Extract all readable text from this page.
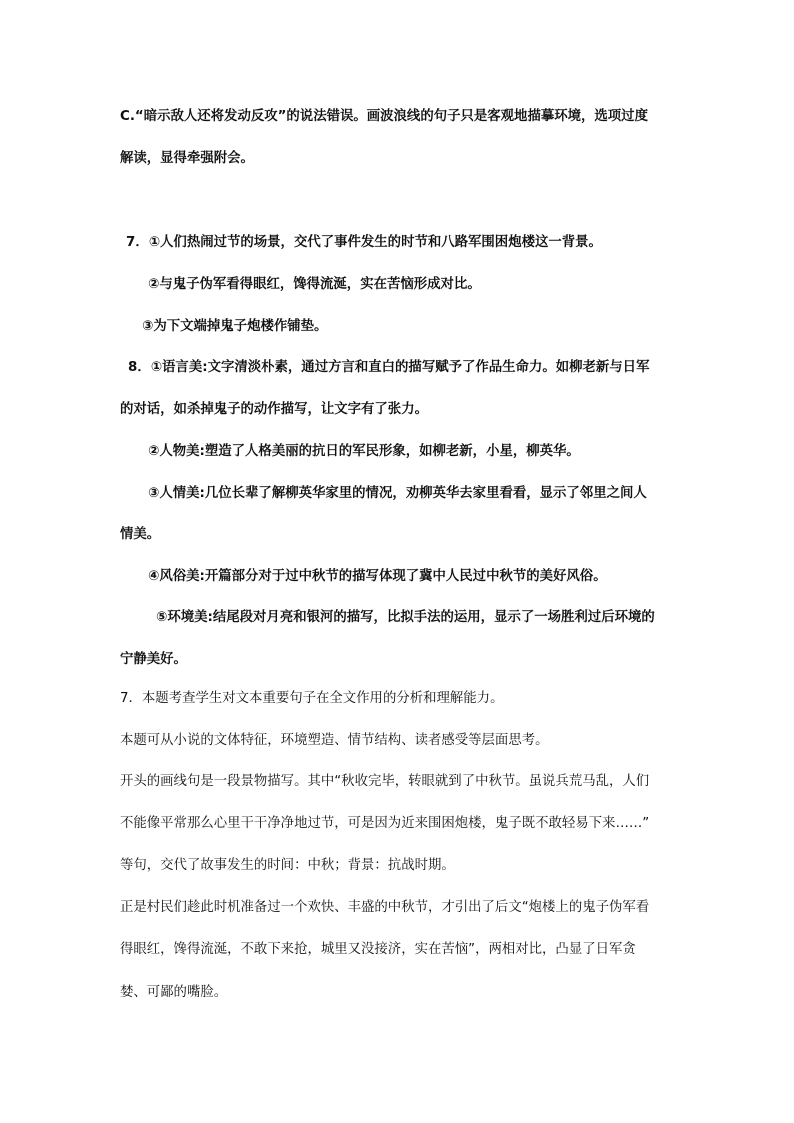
C.“暗示敌人还将发动反攻”的说法错误。画波浪线的句子只是客观地描摹环境，选项过度
解读，显得牵强附会。
7．①人们热闹过节的场景，交代了事件发生的时节和八路军围困炮楼这一背景。
②与鬼子伪军看得眼红，馋得流涎，实在苦恼形成对比。
③为下文端掉鬼子炮楼作铺垫。
8．①语言美:文字清淡朴素，通过方言和直白的描写赋予了作品生命力。如柳老新与日军
的对话，如杀掉鬼子的动作描写，让文字有了张力。
②人物美:塑造了人格美丽的抗日的军民形象，如柳老新，小星，柳英华。
③人情美:几位长辈了解柳英华家里的情况，劝柳英华去家里看看，显示了邻里之间人
情美。
④风俗美:开篇部分对于过中秋节的描写体现了冀中人民过中秋节的美好风俗。
⑤环境美:结尾段对月亮和银河的描写，比拟手法的运用，显示了一场胜利过后环境的
宁静美好。
7．本题考查学生对文本重要句子在全文作用的分析和理解能力。
本题可从小说的文体特征，环境塑造、情节结构、读者感受等层面思考。
开头的画线句是一段景物描写。其中“秋收完毕，转眼就到了中秋节。虽说兵荒马乱，人们
不能像平常那么心里干干净净地过节，可是因为近来围困炮楼，鬼子既不敢轻易下来……”
等句，交代了故事发生的时间：中秋；背景：抗战时期。
正是村民们趁此时机准备过一个欢快、丰盛的中秋节，才引出了后文“炮楼上的鬼子伪军看
得眼红，馋得流涎，不敢下来抢，城里又没接济，实在苦恼”，两相对比，凸显了日军贪
婪、可鄙的嘴脸。
